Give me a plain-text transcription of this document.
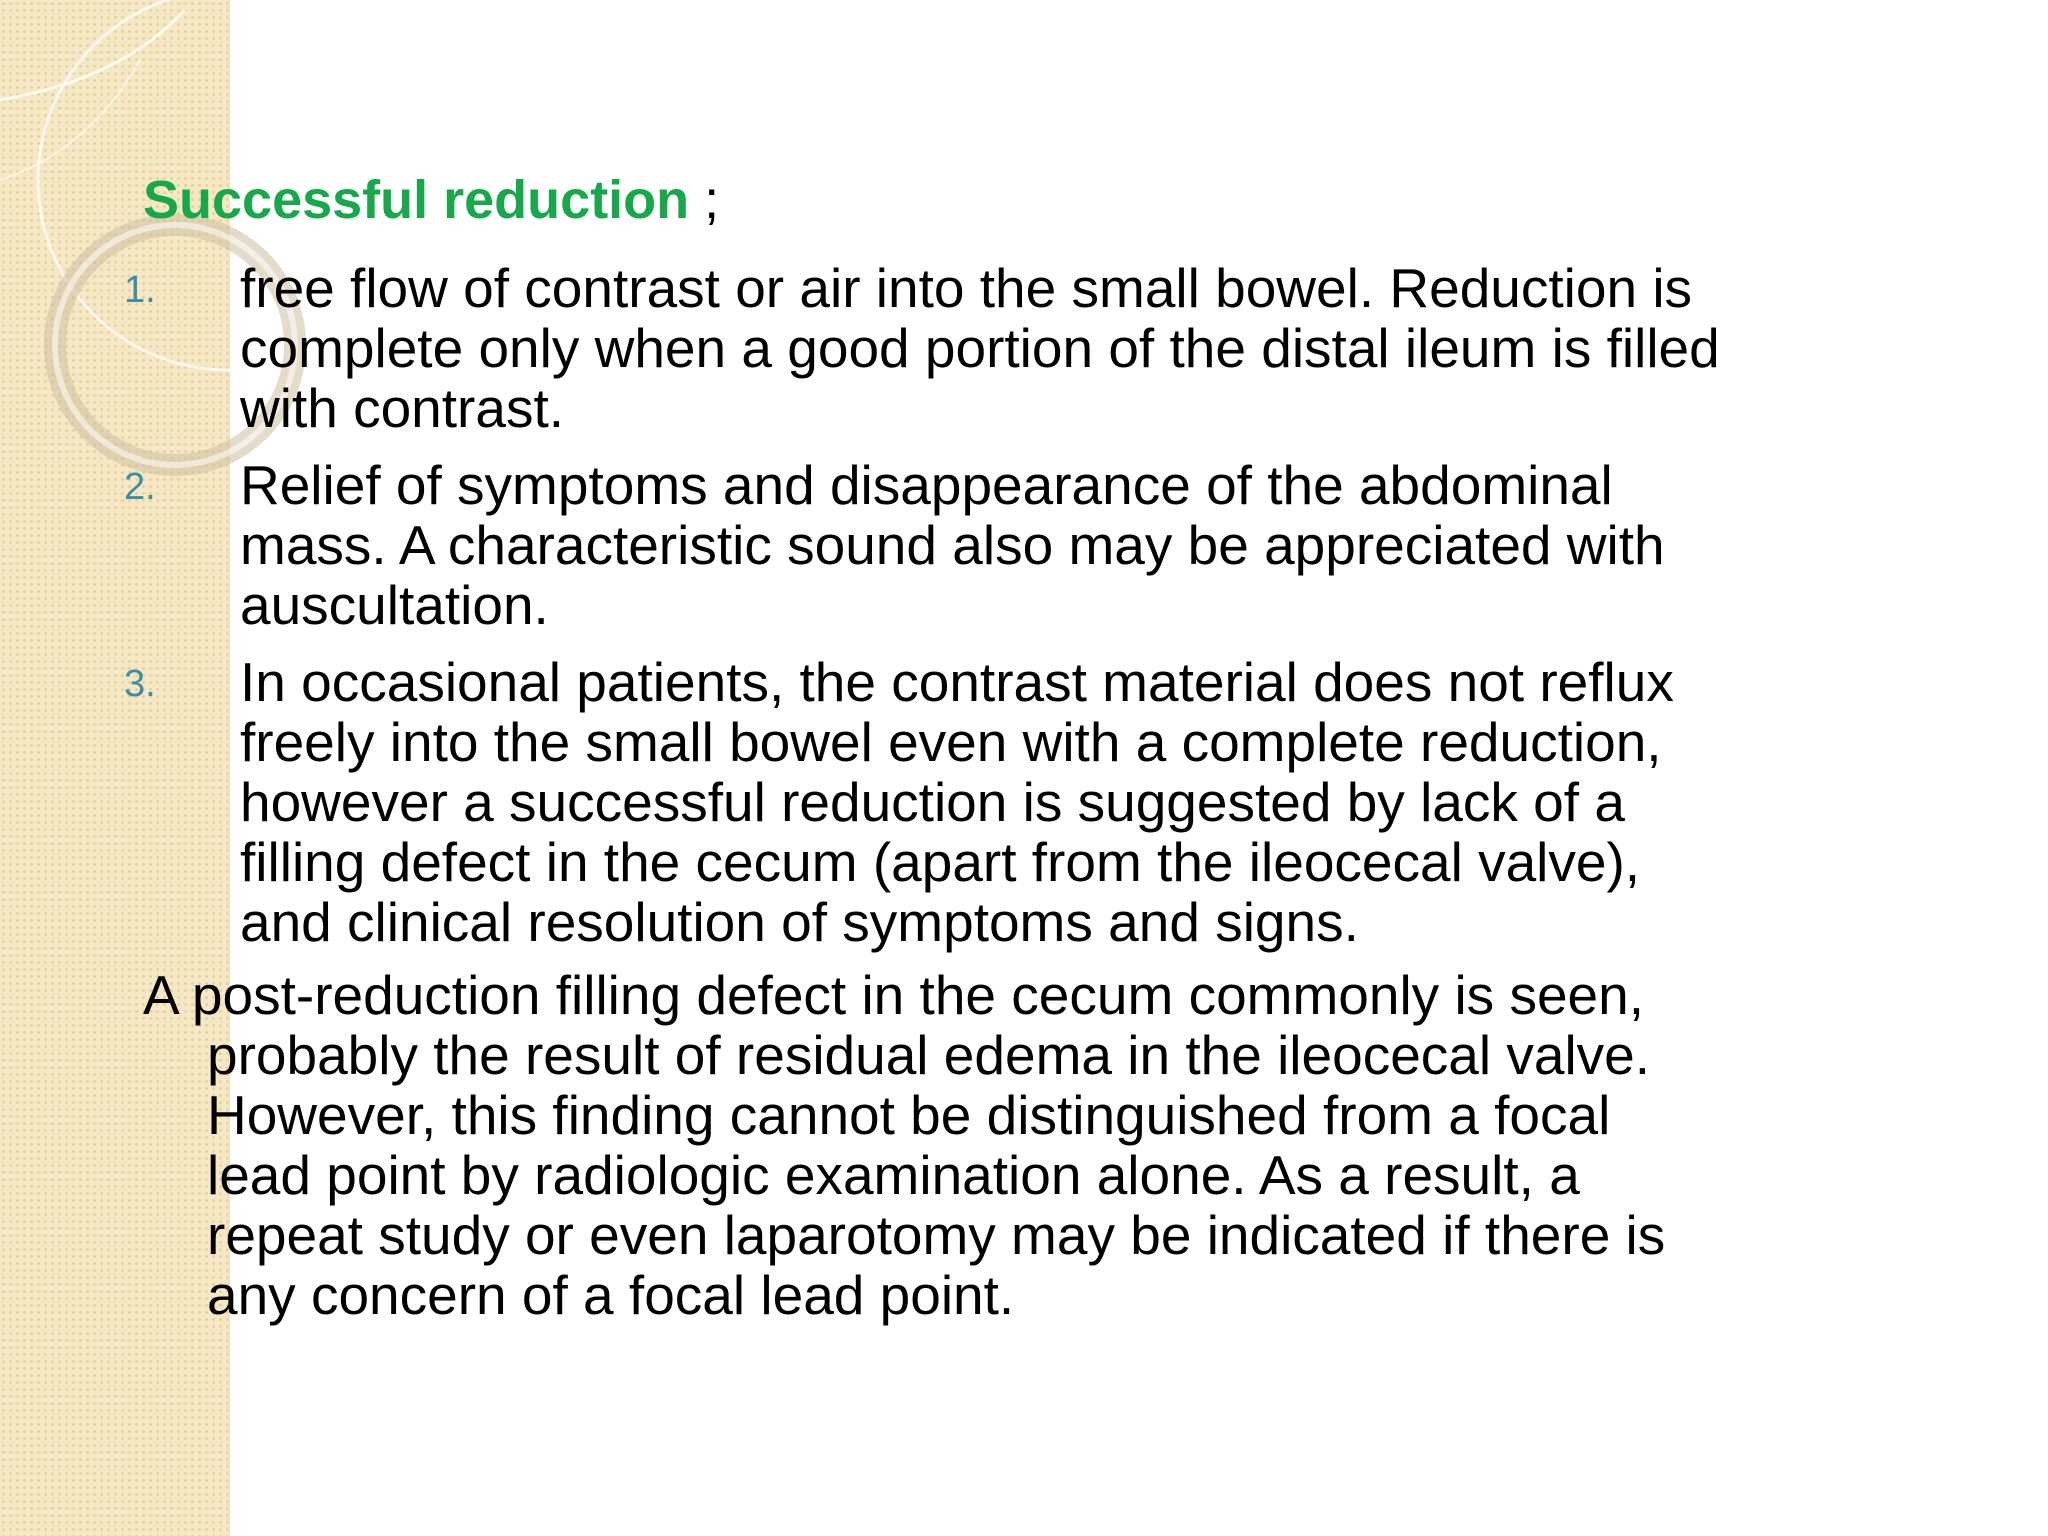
Successful reduction ;
1. free flow of contrast or air into the small bowel. Reduction is
complete only when a good portion of the distal ileum is filled
with contrast.
2. Relief of symptoms and disappearance of the abdominal
mass. A characteristic sound also may be appreciated with
auscultation.
3. In occasional patients, the contrast material does not reflux
freely into the small bowel even with a complete reduction,
however a successful reduction is suggested by lack of a
filling defect in the cecum (apart from the ileocecal valve),
and clinical resolution of symptoms and signs.
A post-reduction filling defect in the cecum commonly is seen,
probably the result of residual edema in the ileocecal valve.
However, this finding cannot be distinguished from a focal
lead point by radiologic examination alone. As a result, a
repeat study or even laparotomy may be indicated if there is
any concern of a focal lead point.
